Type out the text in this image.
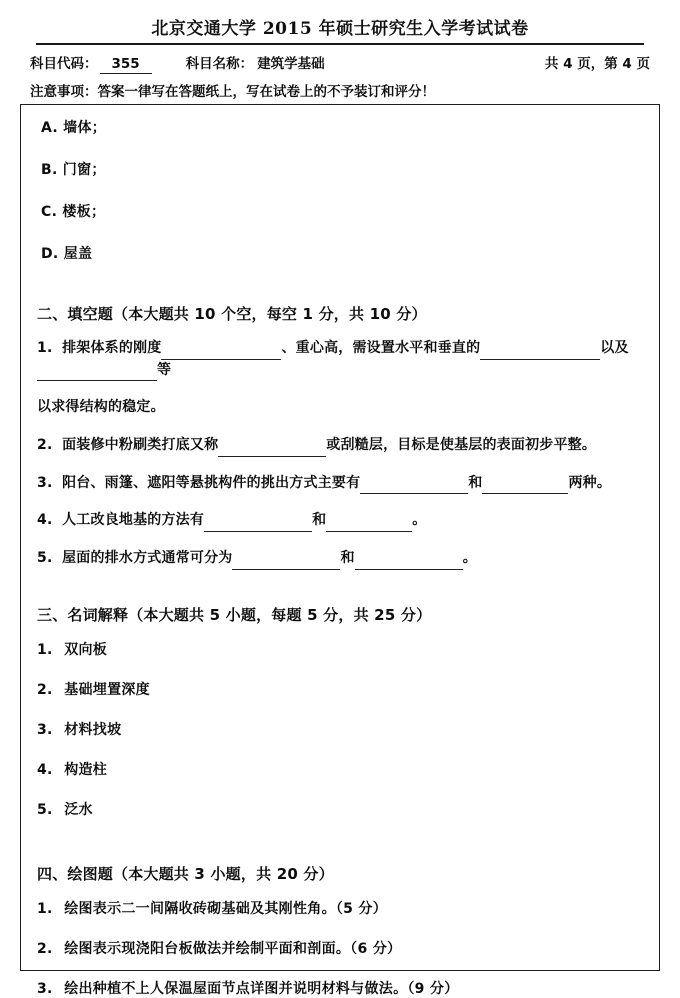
北京交通大学 2015 年硕士研究生入学考试试卷
科目代码：	355	科目名称： 建筑学基础	共 4 页，第 4 页
注意事项：答案一律写在答题纸上，写在试卷上的不予装订和评分！
A. 墙体；
B. 门窗；
C. 楼板；
D. 屋盖
二、填空题（本大题共 10 个空，每空 1 分，共 10 分）
1. 排架体系的刚度	、重心高，需设置水平和垂直的	以及等
以求得结构的稳定。
2. 面装修中粉刷类打底又称	或刮糙层，目标是使基层的表面初步平整。
3. 阳台、雨篷、遮阳等悬挑构件的挑出方式主要有	和	两种。
4. 人工改良地基的方法有	和	。
5. 屋面的排水方式通常可分为	和	。
三、名词解释（本大题共 5 小题，每题 5 分，共 25 分）
1. 双向板
2. 基础埋置深度
3. 材料找坡
4. 构造柱
5. 泛水
四、绘图题（本大题共 3 小题，共 20 分）
1. 绘图表示二一间隔收砖砌基础及其刚性角。（5 分）
2. 绘图表示现浇阳台板做法并绘制平面和剖面。（6 分）
3. 绘出种植不上人保温屋面节点详图并说明材料与做法。（9 分）
